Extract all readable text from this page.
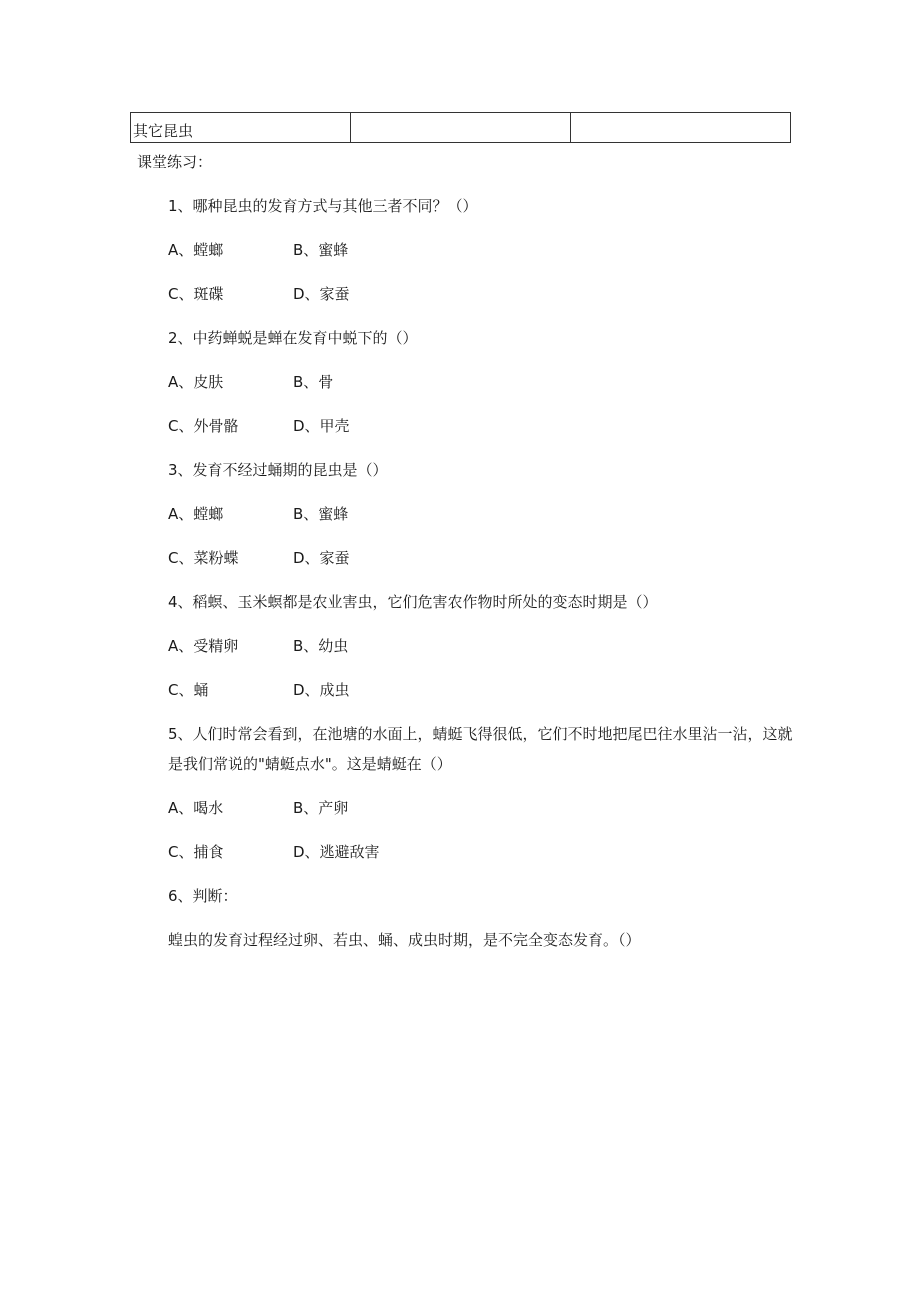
其它昆虫		
课堂练习：
1、哪种昆虫的发育方式与其他三者不同？（）
A、螳螂	B、蜜蜂
C、斑碟	D、家蚕
2、中药蝉蜕是蝉在发育中蜕下的（）
A、皮肤	B、骨
C、外骨骼	D、甲壳
3、发育不经过蛹期的昆虫是（）
A、螳螂	B、蜜蜂
C、菜粉蝶	D、家蚕
4、稻螟、玉米螟都是农业害虫，它们危害农作物时所处的变态时期是（）
A、受精卵	B、幼虫
C、蛹	D、成虫
5、人们时常会看到，在池塘的水面上，蜻蜓飞得很低，它们不时地把尾巴往水里沾一沾，这就是我们常说的"蜻蜓点水"。这是蜻蜓在（）
A、喝水	B、产卵
C、捕食	D、逃避敌害
6、判断：
蝗虫的发育过程经过卵、若虫、蛹、成虫时期，是不完全变态发育。（）
